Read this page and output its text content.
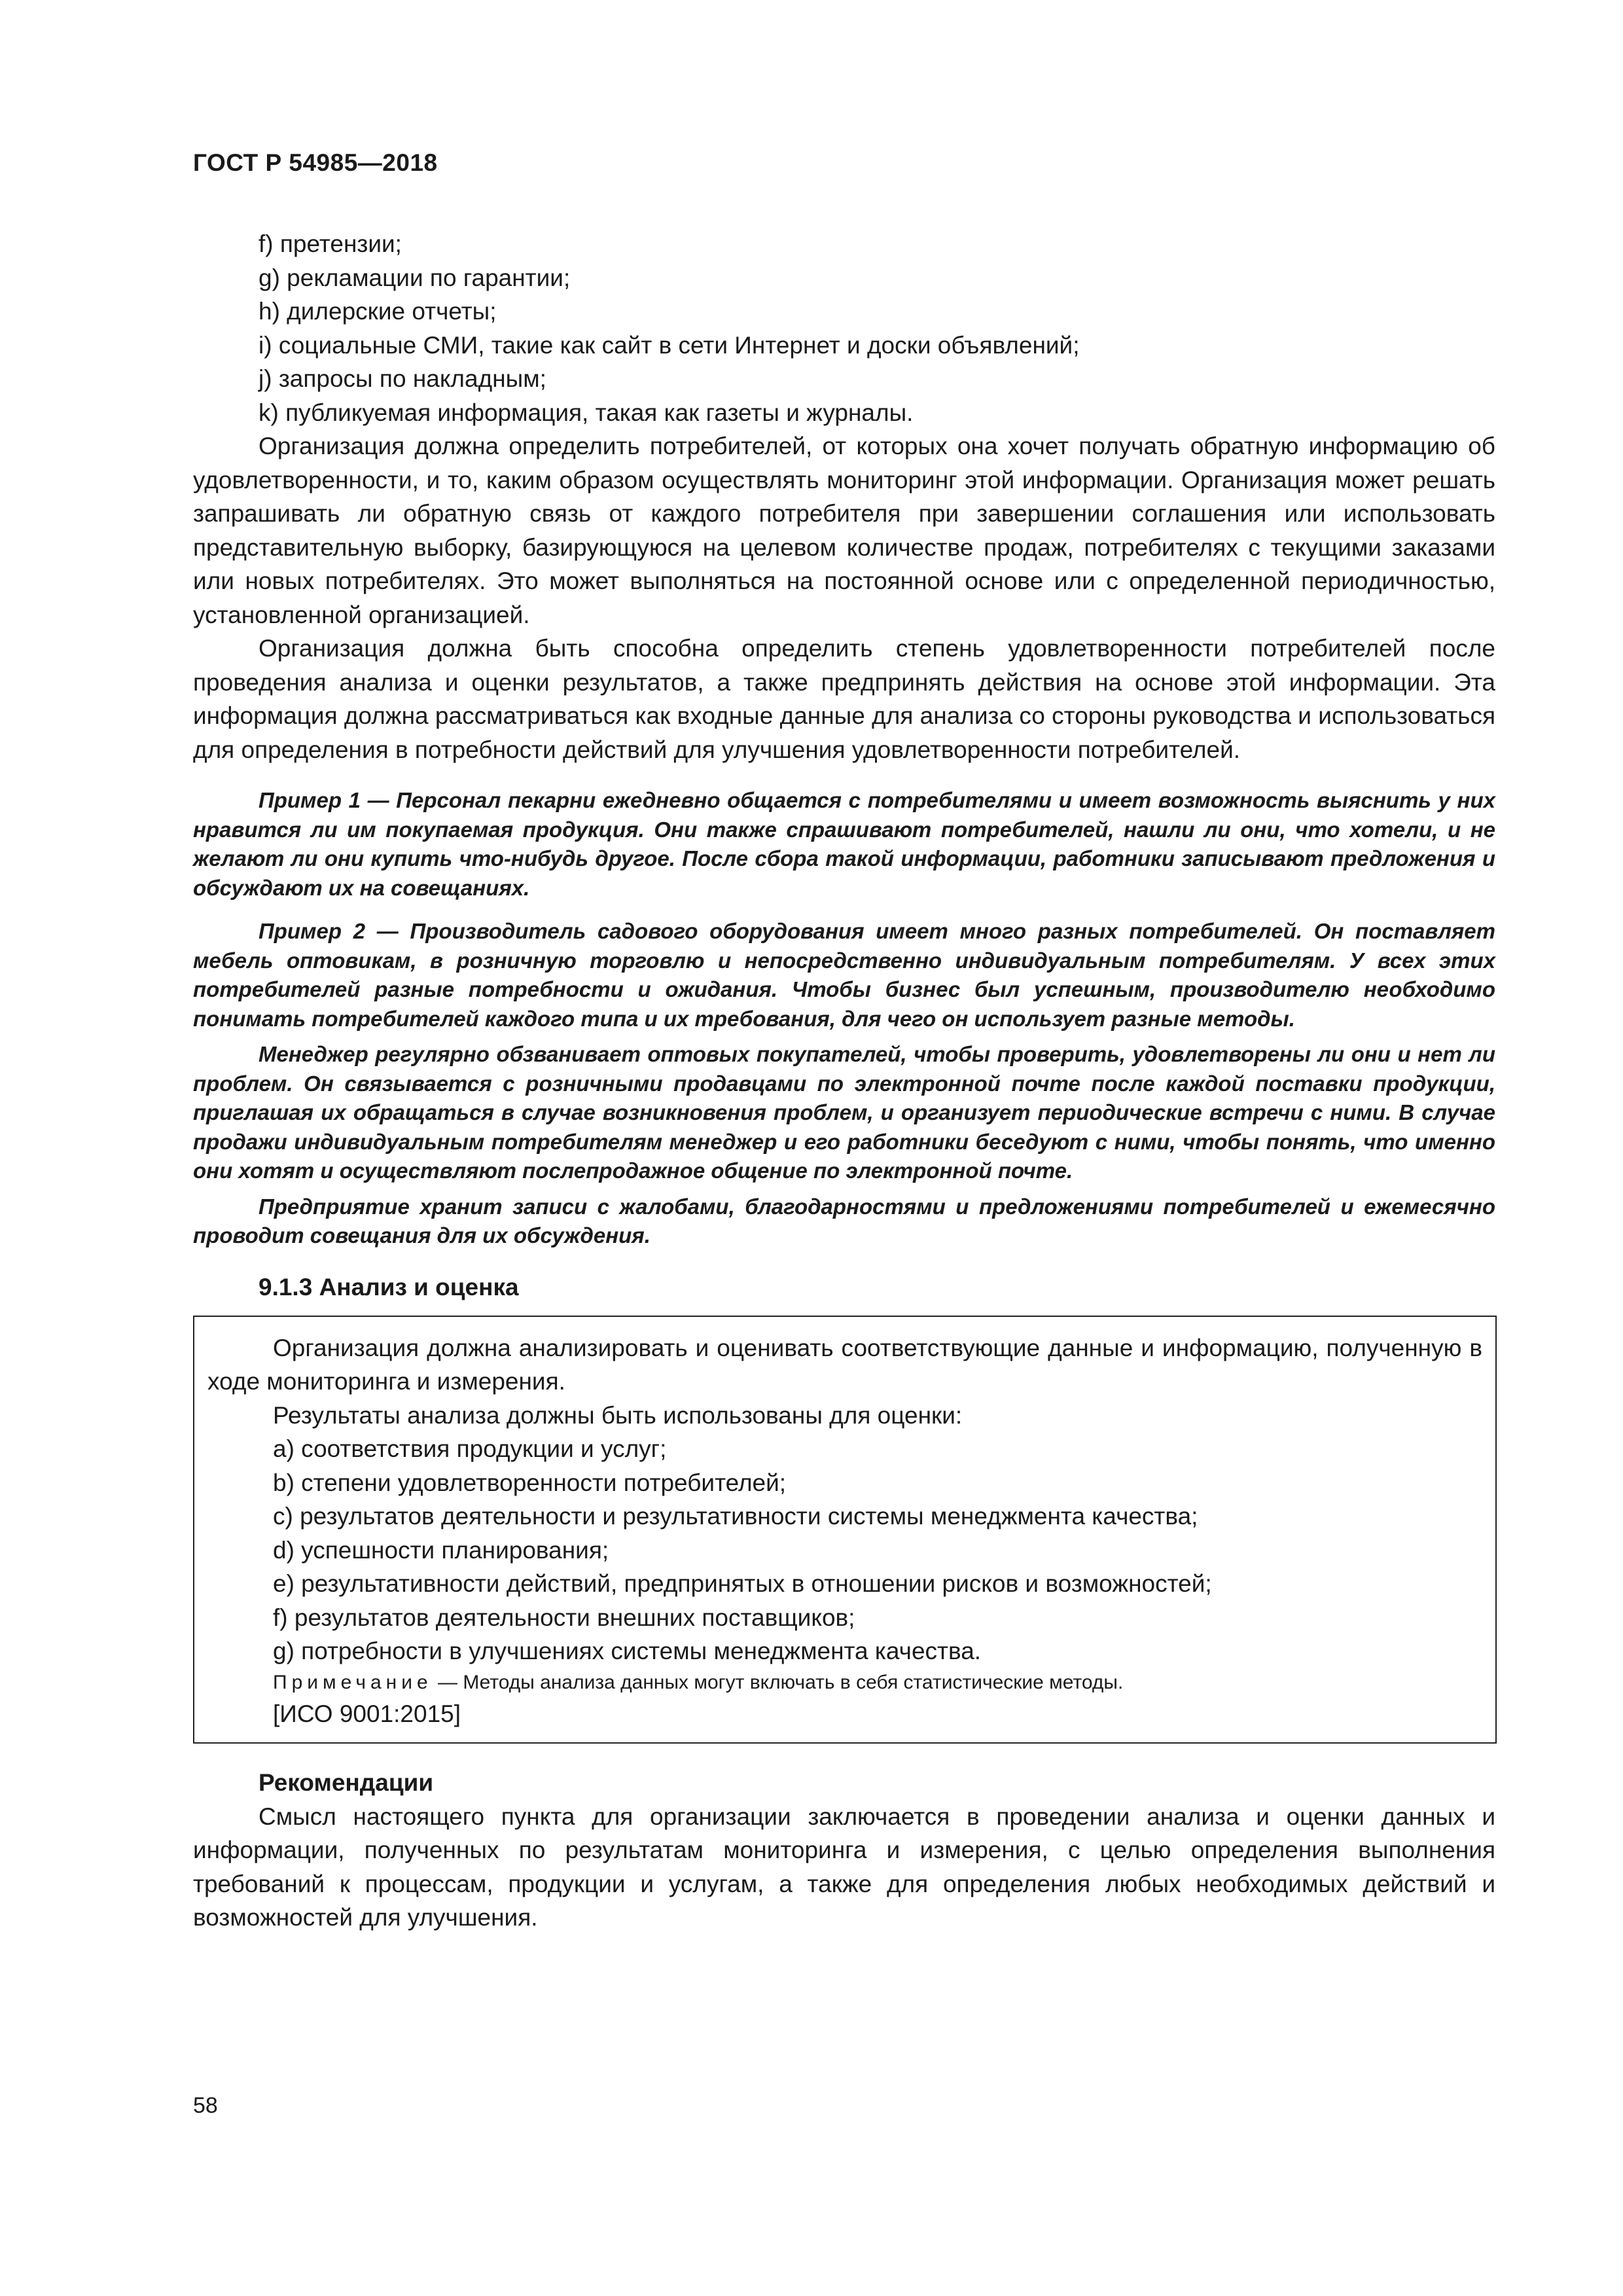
ГОСТ Р 54985—2018

f) претензии;

g) рекламации по гарантии;

h) дилерские отчеты;

i) социальные СМИ, такие как сайт в сети Интернет и доски объявлений;

j) запросы по накладным;

k) публикуемая информация, такая как газеты и журналы.

Организация должна определить потребителей, от которых она хочет получать обратную информацию об удовлетворенности, и то, каким образом осуществлять мониторинг этой информации. Организация может решать запрашивать ли обратную связь от каждого потребителя при завершении соглашения или использовать представительную выборку, базирующуюся на целевом количестве продаж, потребителях с текущими заказами или новых потребителях. Это может выполняться на постоянной основе или с определенной периодичностью, установленной организацией.

Организация должна быть способна определить степень удовлетворенности потребителей после проведения анализа и оценки результатов, а также предпринять действия на основе этой информации. Эта информация должна рассматриваться как входные данные для анализа со стороны руководства и использоваться для определения в потребности действий для улучшения удовлетворенности потребителей.

Пример 1 — Персонал пекарни ежедневно общается с потребителями и имеет возможность выяснить у них нравится ли им покупаемая продукция. Они также спрашивают потребителей, нашли ли они, что хотели, и не желают ли они купить что-нибудь другое. После сбора такой информации, работники записывают предложения и обсуждают их на совещаниях.

Пример 2 — Производитель садового оборудования имеет много разных потребителей. Он поставляет мебель оптовикам, в розничную торговлю и непосредственно индивидуальным потребителям. У всех этих потребителей разные потребности и ожидания. Чтобы бизнес был успешным, производителю необходимо понимать потребителей каждого типа и их требования, для чего он использует разные методы.

Менеджер регулярно обзванивает оптовых покупателей, чтобы проверить, удовлетворены ли они и нет ли проблем. Он связывается с розничными продавцами по электронной почте после каждой поставки продукции, приглашая их обращаться в случае возникновения проблем, и организует периодические встречи с ними. В случае продажи индивидуальным потребителям менеджер и его работники беседуют с ними, чтобы понять, что именно они хотят и осуществляют послепродажное общение по электронной почте.

Предприятие хранит записи с жалобами, благодарностями и предложениями потребителей и ежемесячно проводит совещания для их обсуждения.

9.1.3 Анализ и оценка

Организация должна анализировать и оценивать соответствующие данные и информацию, полученную в ходе мониторинга и измерения.

Результаты анализа должны быть использованы для оценки:

a) соответствия продукции и услуг;

b) степени удовлетворенности потребителей;

c) результатов деятельности и результативности системы менеджмента качества;

d) успешности планирования;

e) результативности действий, предпринятых в отношении рисков и возможностей;

f) результатов деятельности внешних поставщиков;

g) потребности в улучшениях системы менеджмента качества.

Примечание — Методы анализа данных могут включать в себя статистические методы.

[ИСО 9001:2015]

Рекомендации

Смысл настоящего пункта для организации заключается в проведении анализа и оценки данных и информации, полученных по результатам мониторинга и измерения, с целью определения выполнения требований к процессам, продукции и услугам, а также для определения любых необходимых действий и возможностей для улучшения.

58
